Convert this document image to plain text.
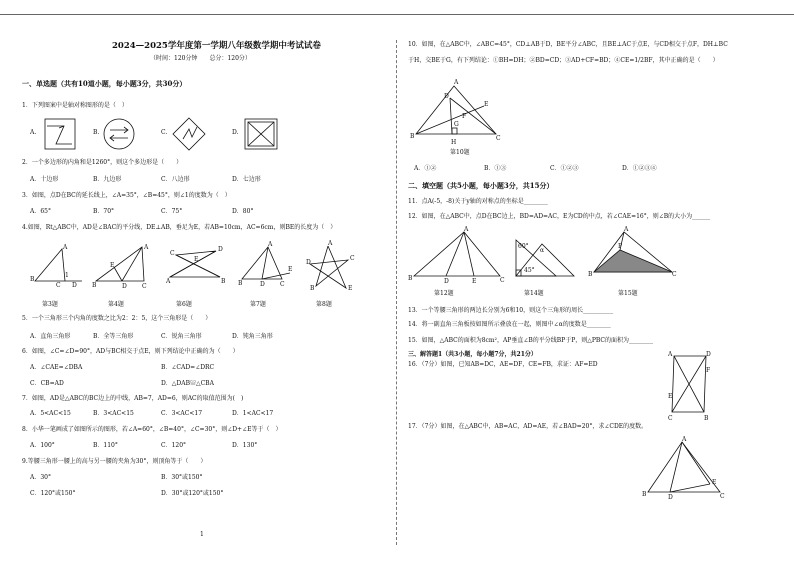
2024—2025学年度第一学期八年级数学期中考试试卷
（时间：120分钟　　总分：120分）
一、单选题（共有10道小题，每小题3分，共30分）
1．下列图案中是轴对称图形的是（　）
A.	B.	C.	D.
2．一个多边形的内角和是1260°，则这个多边形是（　　）
A．十边形	B．九边形	C．八边形	D．七边形
3．如图，点D在BC的延长线上，∠A=35°，∠B=45°，则∠1的度数为（　）
A．65°	B．70°	C．75°	D．80°
4.如图，Rt△ABC中，AD是∠BAC的平分线，DE⊥AB，垂足为E，若AB=10cm，AC=6cm，则BE的长度为（　）
A
B
C D
1
A
B	D	C
E
C
D
A	B
E
A
B	D	C
E
A
B
C
D
E
第3题	第4题	第6题	第7题	第8题
5．一个三角形三个内角的度数之比为2：2：5，这个三角形是（　　）
A．直角三角形	B．全等三角形	C．锐角三角形	D．钝角三角形
6．如图，∠C=∠D=90°，AD与BC相交于点E，则下列结论中正确的为（　　）
A．∠CAE=∠DBA	B．∠CAD=∠DRC
C．CB=AD	D．△DAB≌△CBA
7．如图，AD是△ABC的BC边上的中线，AB=7，AD=6，则AC的取值范围为(　)
A．5<AC<15	B．3<AC<15	C．3<AC<17	D．1<AC<17
8．小华一笔画成了如图所示的图形，若∠A=60°，∠B=40°，∠C=30°，则∠D+∠E等于（　）
A．100°	B．110°	C．120°	D．130°
9.等腰三角形一腰上的高与另一腰的夹角为30°，则顶角等于（　　）
A．30°	B．30°或150°
C．120°或150°	D．30°或120°或150°
1
10．如图，在△ABC中，∠ABC=45°，CD⊥AB于D，BE平分∠ABC，且BE⊥AC于点E，与CD相交于点F，DH⊥BC
于H，交BE于G，有下列结论：①BH=DH；②BD=CD；③AD+CF=BD；④CE=1/2BF，其中正确的是（　　）
A
D
E
F
G
B
H
C
第10题
A．①②	B．①③	C．①②③	D．①②③④
二、填空题（共5小题，每小题3分，共15分）
11．点A(-5，-8)关于y轴的对称点的坐标是________
12．如图，在△ABC中，点D在BC边上，BD=AD=AC，E为CD的中点，若∠CAE=16°，则∠B的大小为______
A
B	D	E	C
60°
45°
α
A
B
P
C
第12题	第14题	第15题
13．一个等腰三角形的两边长分别为6和10，则这个三角形的周长__________
14．将一副直角三角板按如图所示叠放在一起，则图中∠α的度数是________
15．如图，△ABC的面积为8cm²，AP垂直∠B的平分线BP于P，则△PBC的面积为________
三、解答题1（共3小题，每小题7分，共21分）
16．（7分）如图，已知AB=DC，AE=DF，CE=FB，求证：AF=ED
A	D
F
E
C	B
17．（7分）如图，在△ABC中，AB=AC，AD=AE，若∠BAD=20°，求∠CDE的度数。
A
B	D
E
C
